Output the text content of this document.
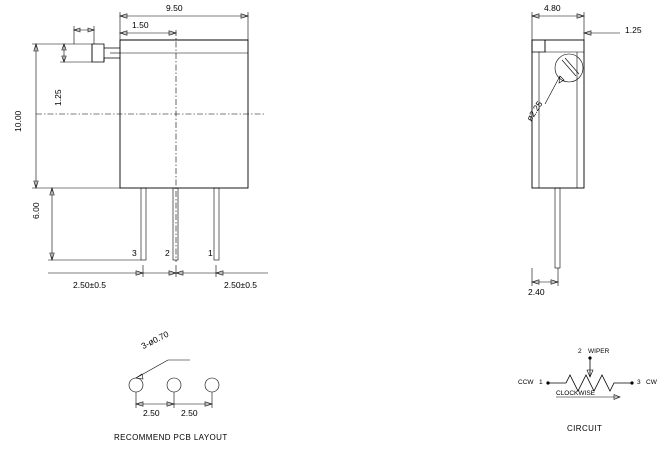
9.50
1.50
10.00
1.25
6.00
3	2	1
2.50±0.5	2.50±0.5
4.80
1.25
ø2.25
2.40
3-ø0.70
2.50	2.50
RECOMMEND PCB LAYOUT
2 WIPER
CCW 1	3 CW
CLOCKWISE
CIRCUIT
